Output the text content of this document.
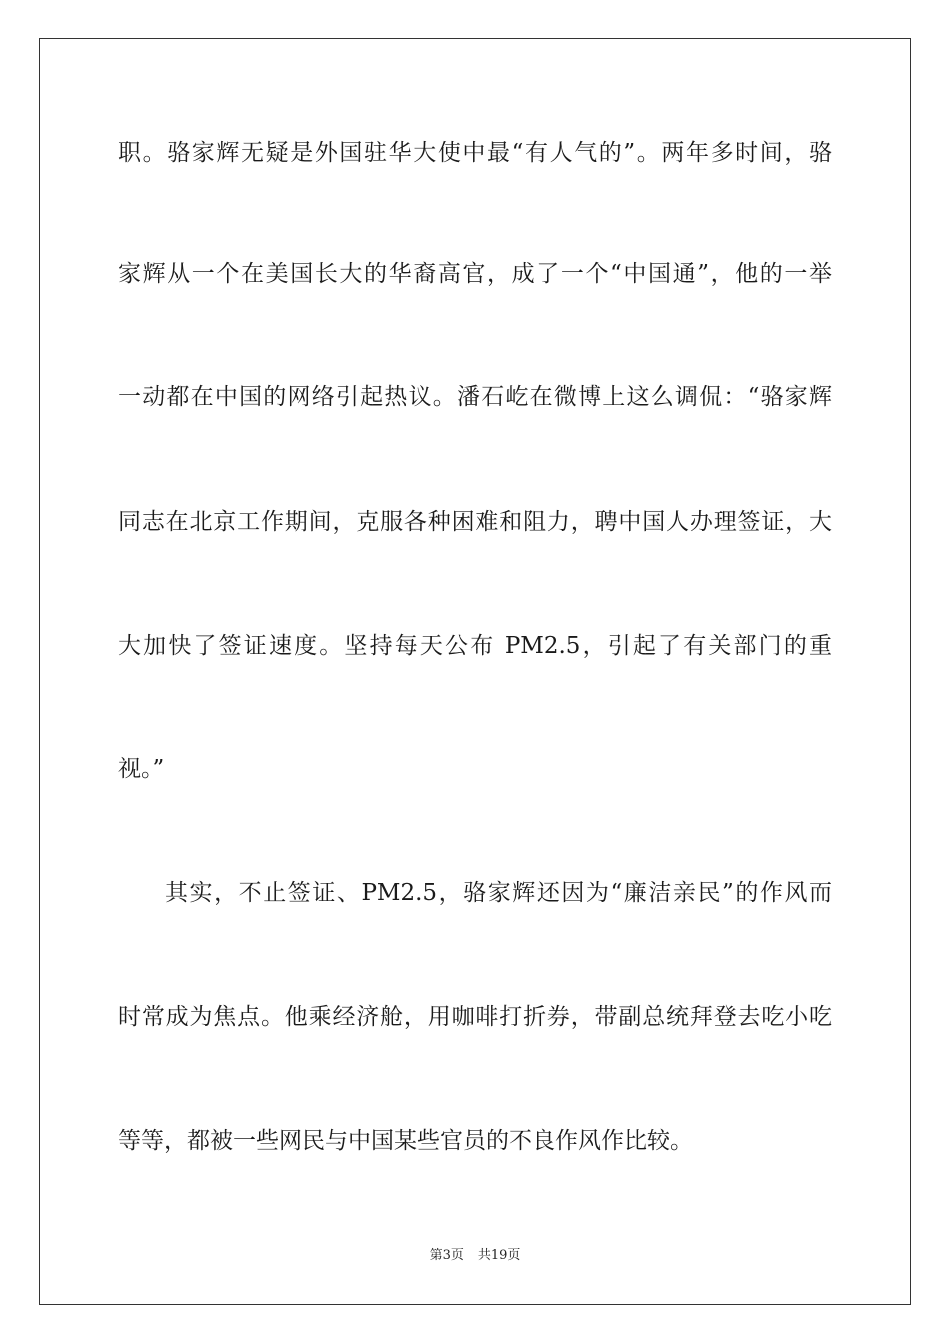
职。骆家辉无疑是外国驻华大使中最“有人气的”。两年多时间，骆
家辉从一个在美国长大的华裔高官，成了一个“中国通”，他的一举
一动都在中国的网络引起热议。潘石屹在微博上这么调侃：“骆家辉
同志在北京工作期间，克服各种困难和阻力，聘中国人办理签证，大
大加快了签证速度。坚持每天公布 PM2.5，引起了有关部门的重
视。”
其实，不止签证、PM2.5，骆家辉还因为“廉洁亲民”的作风而
时常成为焦点。他乘经济舱，用咖啡打折券，带副总统拜登去吃小吃
等等，都被一些网民与中国某些官员的不良作风作比较。
第3页 共19页
